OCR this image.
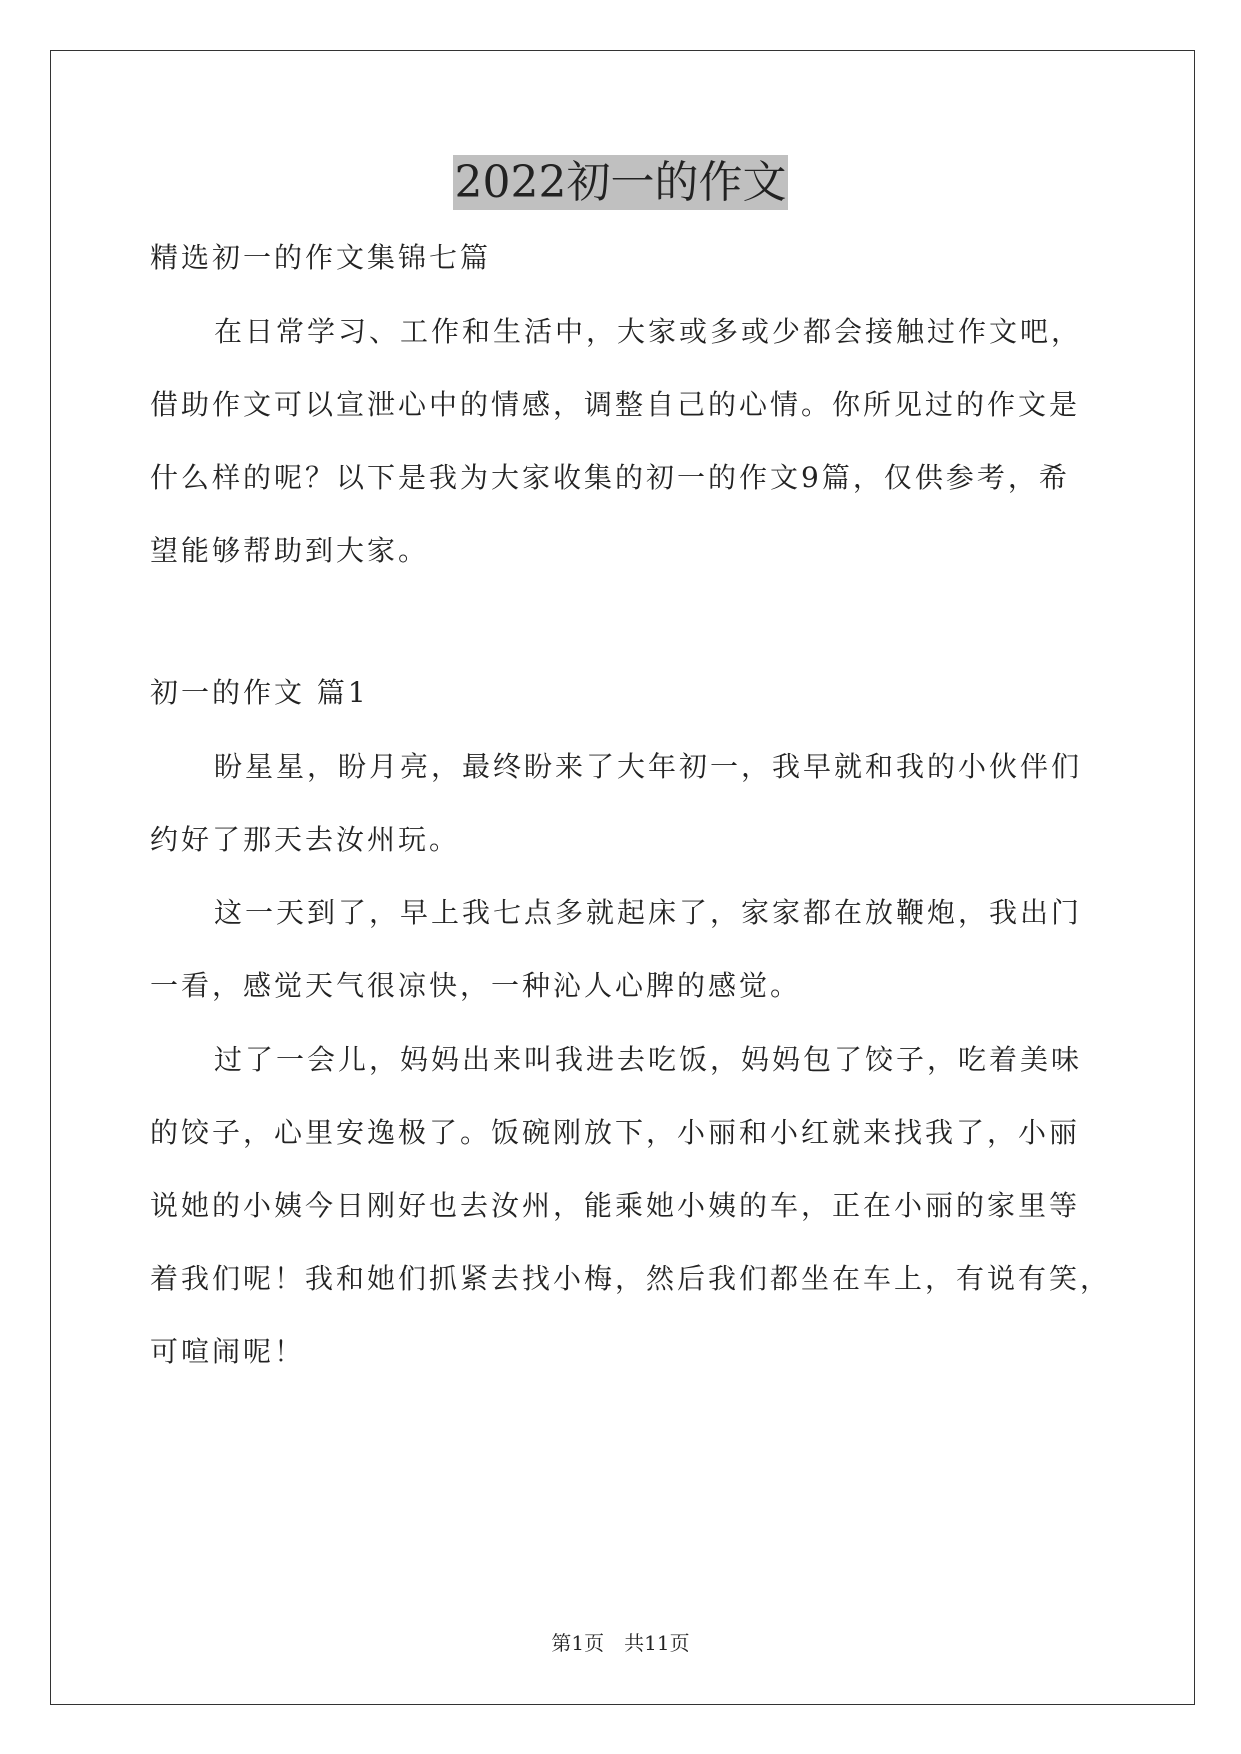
2022初一的作文
精选初一的作文集锦七篇
在日常学习、工作和生活中，大家或多或少都会接触过作文吧，
借助作文可以宣泄心中的情感，调整自己的心情。你所见过的作文是
什么样的呢？以下是我为大家收集的初一的作文9篇，仅供参考，希
望能够帮助到大家。
初一的作文 篇1
盼星星，盼月亮，最终盼来了大年初一，我早就和我的小伙伴们
约好了那天去汝州玩。
这一天到了，早上我七点多就起床了，家家都在放鞭炮，我出门
一看，感觉天气很凉快，一种沁人心脾的感觉。
过了一会儿，妈妈出来叫我进去吃饭，妈妈包了饺子，吃着美味
的饺子，心里安逸极了。饭碗刚放下，小丽和小红就来找我了，小丽
说她的小姨今日刚好也去汝州，能乘她小姨的车，正在小丽的家里等
着我们呢！我和她们抓紧去找小梅，然后我们都坐在车上，有说有笑，
可喧闹呢！
第1页　共11页
